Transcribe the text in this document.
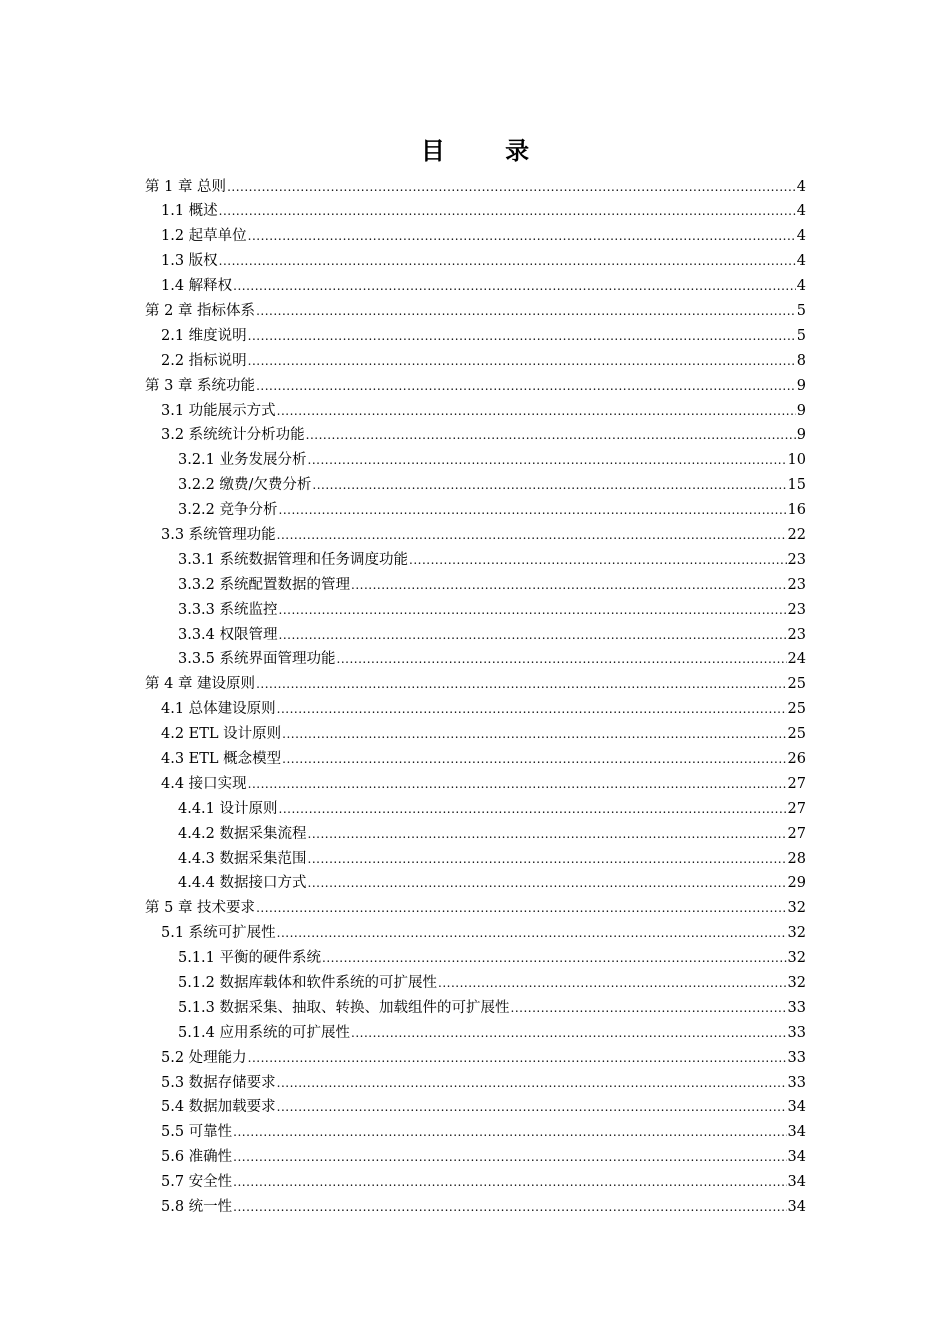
目 录
第 1 章 总则 .....	4
1.1 概述 .....	4
1.2 起草单位 .....	4
1.3 版权 .....	4
1.4 解释权 .....	4
第 2 章 指标体系 .....	5
2.1 维度说明 .....	5
2.2 指标说明 .....	8
第 3 章 系统功能 .....	9
3.1 功能展示方式 .....	9
3.2 系统统计分析功能 .....	9
3.2.1 业务发展分析 .....	10
3.2.2 缴费/欠费分析 .....	15
3.2.2 竞争分析 .....	16
3.3 系统管理功能 .....	22
3.3.1 系统数据管理和任务调度功能 .....	23
3.3.2 系统配置数据的管理 .....	23
3.3.3 系统监控 .....	23
3.3.4 权限管理 .....	23
3.3.5 系统界面管理功能 .....	24
第 4 章 建设原则 .....	25
4.1 总体建设原则 .....	25
4.2 ETL 设计原则 .....	25
4.3 ETL 概念模型 .....	26
4.4 接口实现 .....	27
4.4.1 设计原则 .....	27
4.4.2 数据采集流程 .....	27
4.4.3 数据采集范围 .....	28
4.4.4 数据接口方式 .....	29
第 5 章 技术要求 .....	32
5.1 系统可扩展性 .....	32
5.1.1 平衡的硬件系统 .....	32
5.1.2 数据库载体和软件系统的可扩展性 .....	32
5.1.3 数据采集、抽取、转换、加载组件的可扩展性 .....	33
5.1.4 应用系统的可扩展性 .....	33
5.2 处理能力 .....	33
5.3 数据存储要求 .....	33
5.4 数据加载要求 .....	34
5.5 可靠性 .....	34
5.6 准确性 .....	34
5.7 安全性 .....	34
5.8 统一性 .....	34
